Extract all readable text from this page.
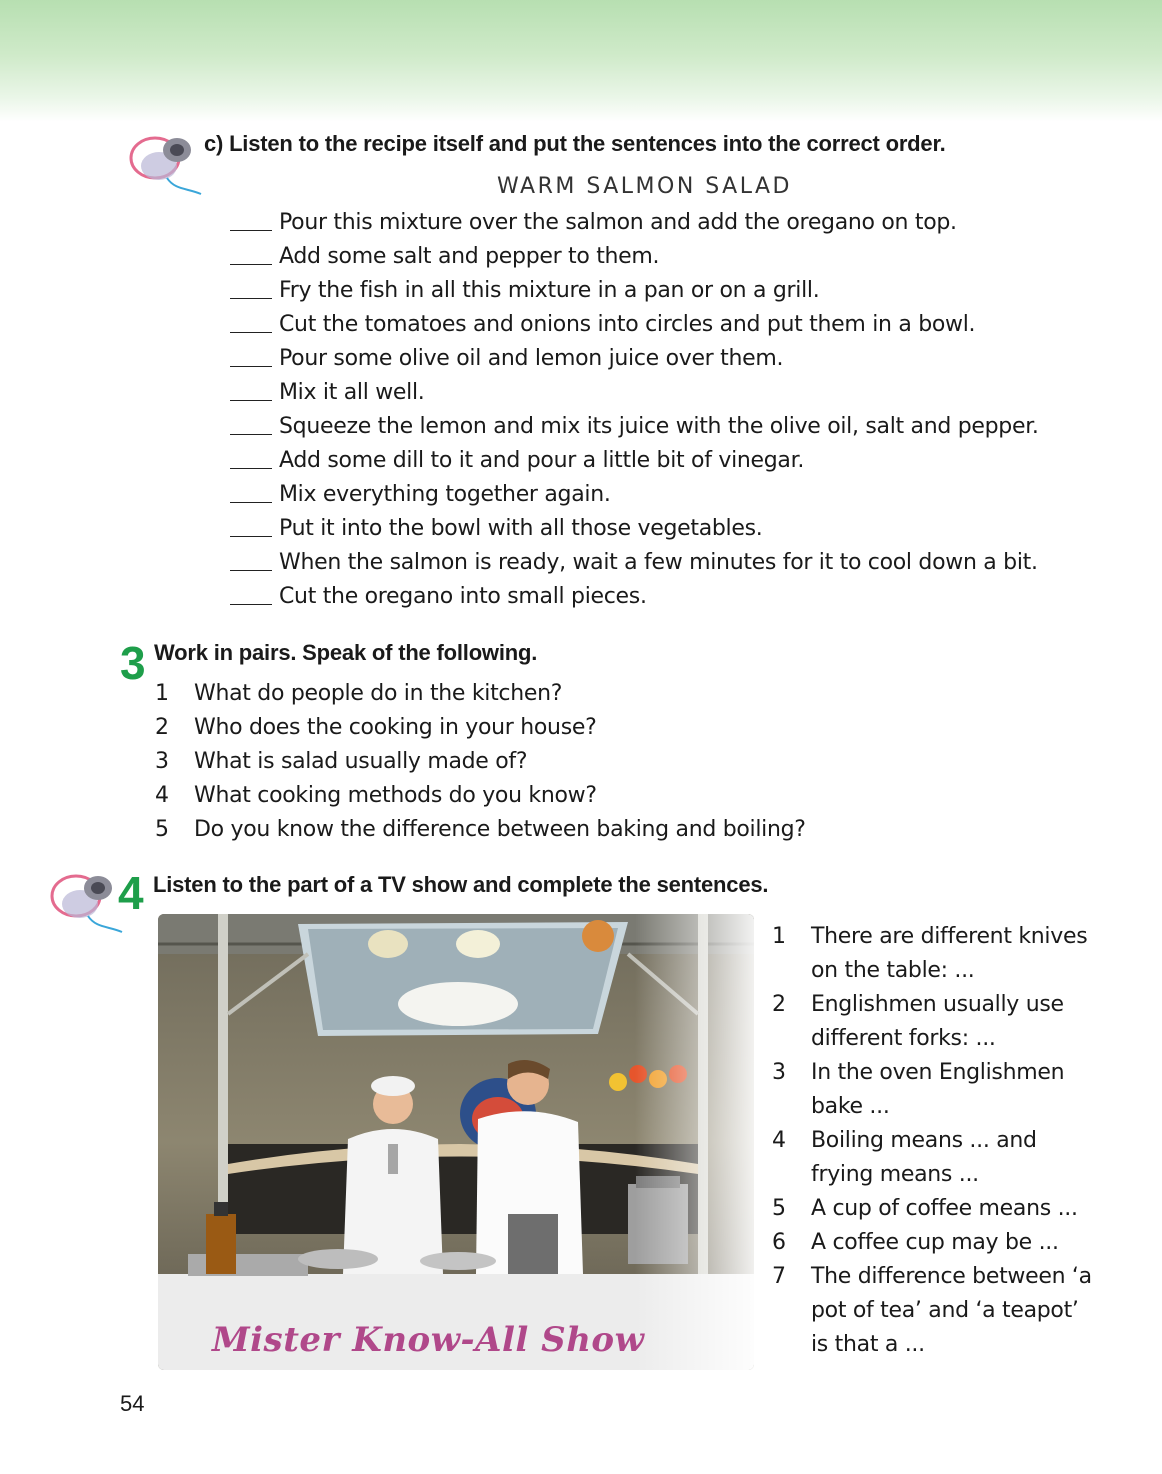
c) Listen to the recipe itself and put the sentences into the correct order.
WARM SALMON SALAD
Pour this mixture over the salmon and add the oregano on top.
Add some salt and pepper to them.
Fry the fish in all this mixture in a pan or on a grill.
Cut the tomatoes and onions into circles and put them in a bowl.
Pour some olive oil and lemon juice over them.
Mix it all well.
Squeeze the lemon and mix its juice with the olive oil, salt and pepper.
Add some dill to it and pour a little bit of vinegar.
Mix everything together again.
Put it into the bowl with all those vegetables.
When the salmon is ready, wait a few minutes for it to cool down a bit.
Cut the oregano into small pieces.
3 Work in pairs. Speak of the following.
1 What do people do in the kitchen?
2 Who does the cooking in your house?
3 What is salad usually made of?
4 What cooking methods do you know?
5 Do you know the difference between baking and boiling?
4 Listen to the part of a TV show and complete the sentences.
Mister Know-All Show
1	There are different knives on the table: ...
2	Englishmen usually use different forks: ...
3	In the oven Englishmen bake ...
4	Boiling means ... and frying means ...
5	A cup of coffee means ...
6	A coffee cup may be ...
7	The difference between ‘a pot of tea’ and ‘a teapot’ is that a ...
54
